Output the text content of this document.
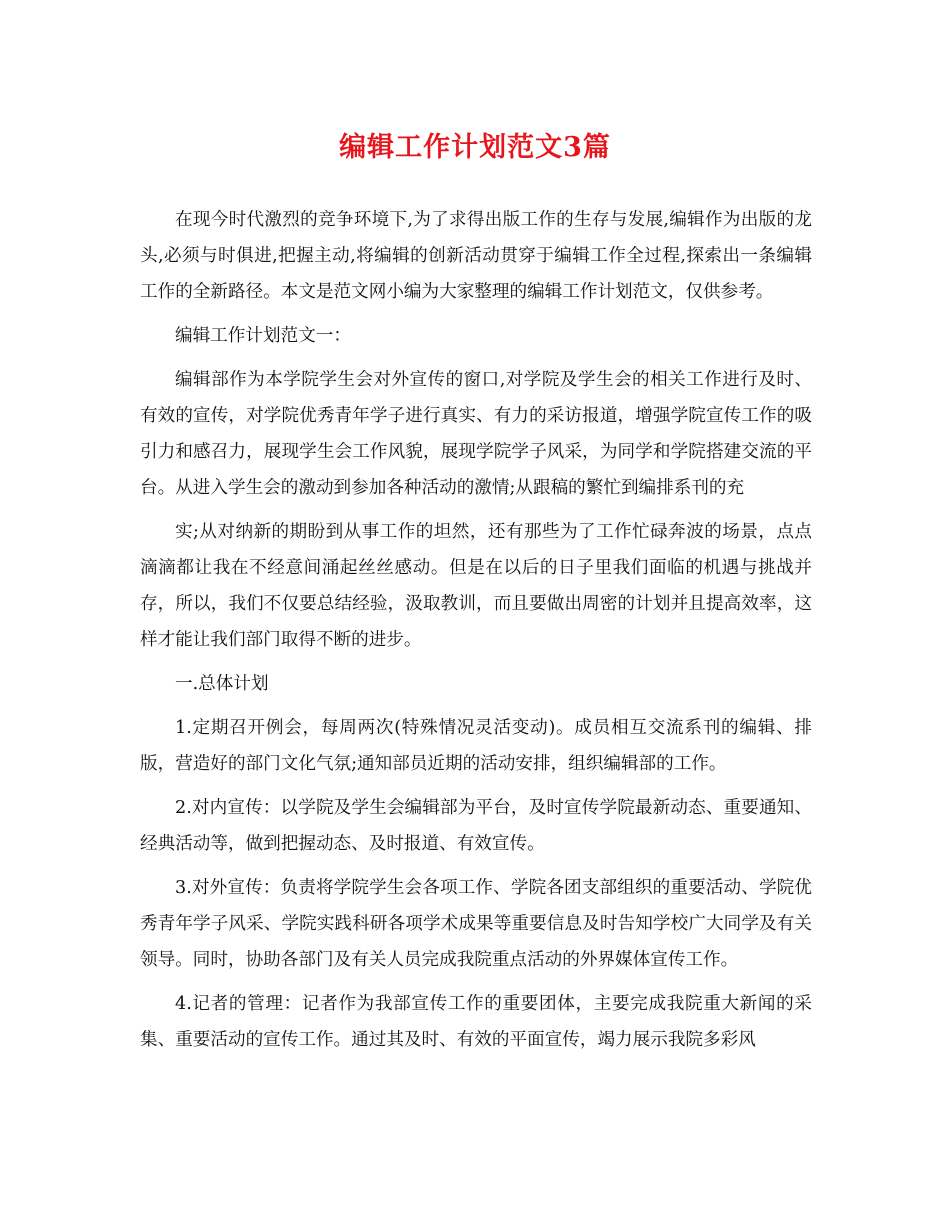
编辑工作计划范文3篇

在现今时代激烈的竞争环境下,为了求得出版工作的生存与发展,编辑作为出版的龙头,必须与时俱进,把握主动,将编辑的创新活动贯穿于编辑工作全过程,探索出一条编辑工作的全新路径。本文是范文网小编为大家整理的编辑工作计划范文，仅供参考。

编辑工作计划范文一：

编辑部作为本学院学生会对外宣传的窗口,对学院及学生会的相关工作进行及时、有效的宣传，对学院优秀青年学子进行真实、有力的采访报道，增强学院宣传工作的吸引力和感召力，展现学生会工作风貌，展现学院学子风采，为同学和学院搭建交流的平台。从进入学生会的激动到参加各种活动的激情;从跟稿的繁忙到编排系刊的充

实;从对纳新的期盼到从事工作的坦然，还有那些为了工作忙碌奔波的场景，点点滴滴都让我在不经意间涌起丝丝感动。但是在以后的日子里我们面临的机遇与挑战并存，所以，我们不仅要总结经验，汲取教训，而且要做出周密的计划并且提高效率，这样才能让我们部门取得不断的进步。

一.总体计划

1.定期召开例会，每周两次(特殊情况灵活变动)。成员相互交流系刊的编辑、排版，营造好的部门文化气氛;通知部员近期的活动安排，组织编辑部的工作。

2.对内宣传：以学院及学生会编辑部为平台，及时宣传学院最新动态、重要通知、经典活动等，做到把握动态、及时报道、有效宣传。

3.对外宣传：负责将学院学生会各项工作、学院各团支部组织的重要活动、学院优秀青年学子风采、学院实践科研各项学术成果等重要信息及时告知学校广大同学及有关领导。同时，协助各部门及有关人员完成我院重点活动的外界媒体宣传工作。

4.记者的管理：记者作为我部宣传工作的重要团体，主要完成我院重大新闻的采集、重要活动的宣传工作。通过其及时、有效的平面宣传，竭力展示我院多彩风
